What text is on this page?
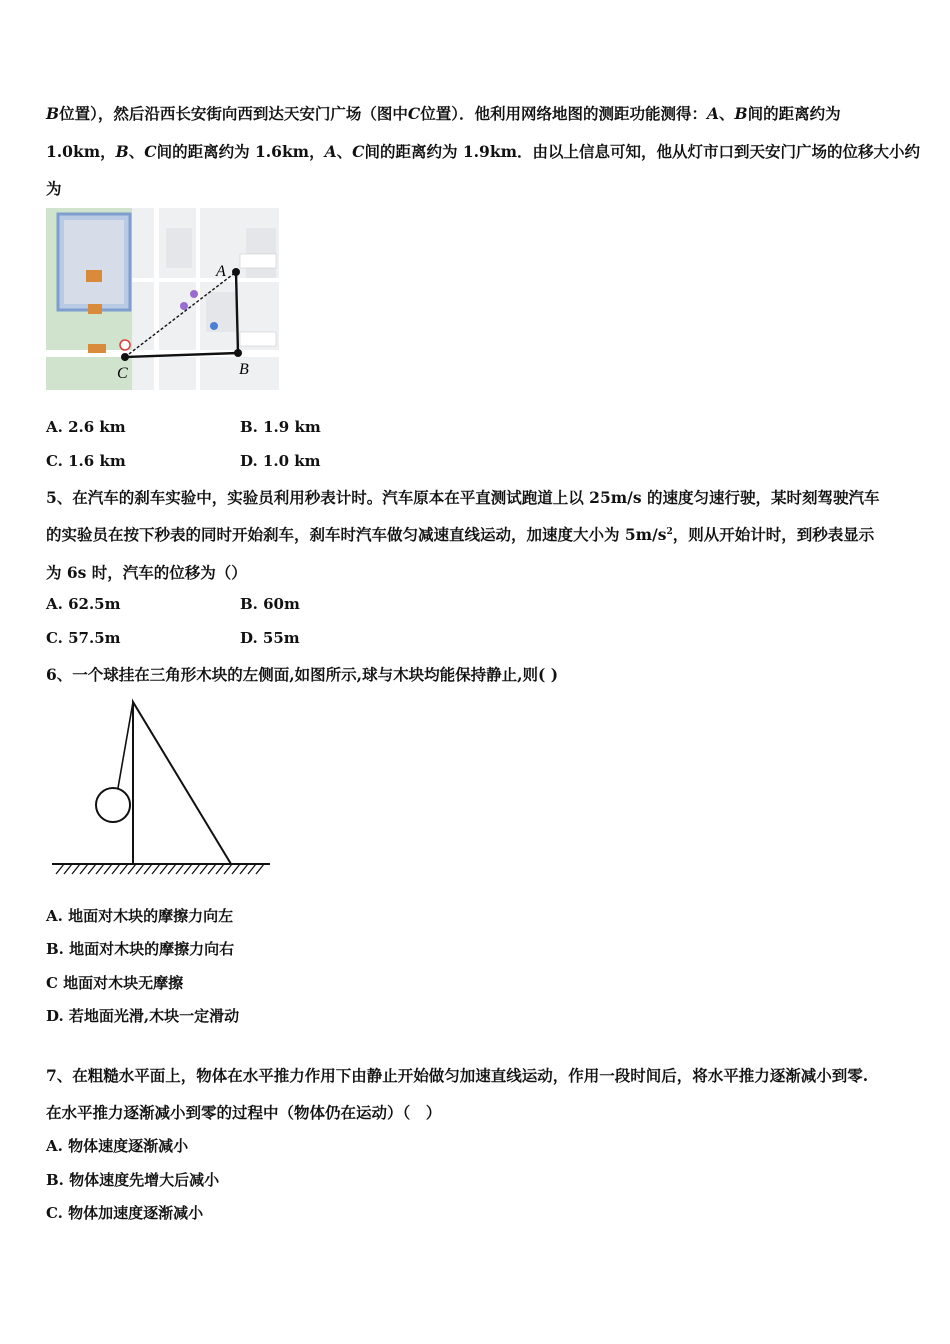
B位置），然后沿西长安街向西到达天安门广场（图中C位置）．他利用网络地图的测距功能测得：A、B间的距离约为
1.0km，B、C间的距离约为 1.6km，A、C间的距离约为 1.9km．由以上信息可知，他从灯市口到天安门广场的位移大小约
为
A
B
C
A. 2.6 km	B. 1.9 km
C. 1.6 km	D. 1.0 km
5、在汽车的刹车实验中，实验员利用秒表计时。汽车原本在平直测试跑道上以 25m/s 的速度匀速行驶，某时刻驾驶汽车
的实验员在按下秒表的同时开始刹车，刹车时汽车做匀减速直线运动，加速度大小为 $5m/s^2$，则从开始计时，到秒表显示
为 6s 时，汽车的位移为（）
A. 62.5m	B. 60m
C. 57.5m	D. 55m
6、一个球挂在三角形木块的左侧面,如图所示,球与木块均能保持静止,则( )
A. 地面对木块的摩擦力向左
B. 地面对木块的摩擦力向右
C 地面对木块无摩擦
D. 若地面光滑,木块一定滑动
7、在粗糙水平面上，物体在水平推力作用下由静止开始做匀加速直线运动，作用一段时间后，将水平推力逐渐减小到零.
在水平推力逐渐减小到零的过程中（物体仍在运动）（　）
A. 物体速度逐渐减小
B. 物体速度先增大后减小
C. 物体加速度逐渐减小
